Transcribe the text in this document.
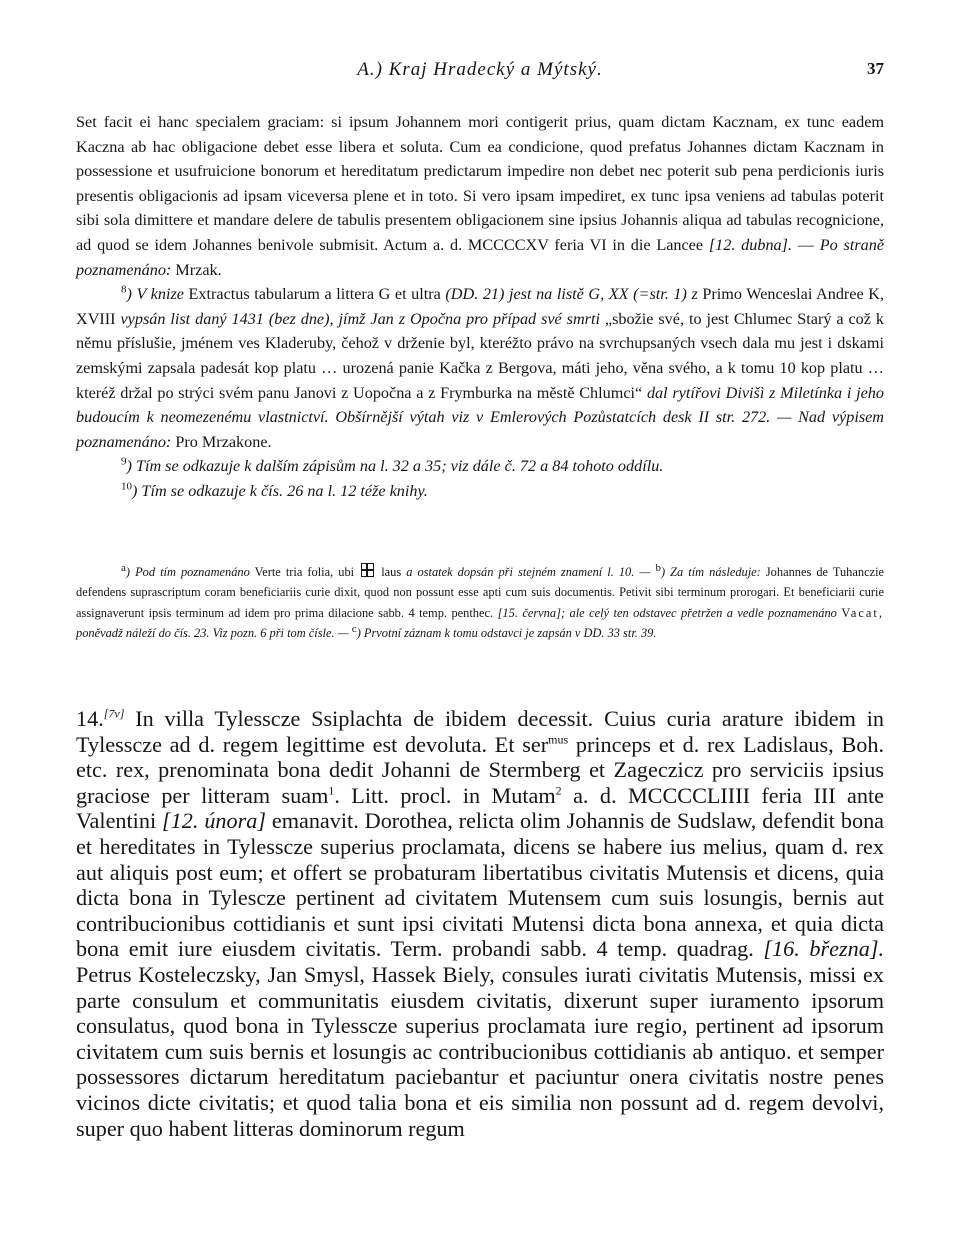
A.) Kraj Hradecký a Mýtský.	37

Set facit ei hanc specialem graciam: si ipsum Johannem mori contigerit prius, quam dictam Kacznam, ex tunc eadem Kaczna ab hac obligacione debet esse libera et soluta. Cum ea condicione, quod prefatus Johannes dictam Kacznam in possessione et usufruicione bonorum et hereditatum predictarum impedire non debet nec poterit sub pena perdicionis iuris presentis obligacionis ad ipsam viceversa plene et in toto. Si vero ipsam impediret, ex tunc ipsa veniens ad tabulas poterit sibi sola dimittere et mandare delere de tabulis presentem obligacionem sine ipsius Johannis aliqua ad tabulas recognicione, ad quod se idem Johannes benivole submisit. Actum a. d. MCCCCXV feria VI in die Lancee [12. dubna]. — Po straně poznamenáno: Mrzak.

$^8$) V knize Extractus tabularum a littera G et ultra (DD. 21) jest na listě G, XX (=str. 1) z Primo Wenceslai Andree K, XVIII vypsán list daný 1431 (bez dne), jímž Jan z Opočna pro případ své smrti „sbožie své, to jest Chlumec Starý a což k němu příslušie, jménem ves Kladeruby, čehož v drženie byl, kteréžto právo na svrchupsaných vsech dala mu jest i dskami zemskými zapsala padesát kop platu … urozená panie Kačka z Bergova, máti jeho, věna svého, a k tomu 10 kop platu … kteréž držal po strýci svém panu Janovi z Uopočna a z Frymburka na městě Chlumci“ dal rytířovi Divišì z Miletínka i jeho budoucím k neomezenému vlastnictví. Obšírnější výtah viz v Emlerových Pozůstatcích desk II str. 272. — Nad výpisem poznamenáno: Pro Mrzakone.

$^9$) Tím se odkazuje k dalším zápisům na l. 32 a 35; viz dále č. 72 a 84 tohoto oddílu.

$^{10}$) Tím se odkazuje k čís. 26 na l. 12 téže knihy.

a) Pod tím poznamenáno Verte tria folia, ubi  laus a ostatek dopsán při stejném znamení l. 10. — b) Za tím následuje: Johannes de Tuhanczie defendens suprascriptum coram beneficiariis curie dixit, quod non possunt esse apti cum suis documentis. Petivit sibi terminum prorogari. Et beneficiarii curie assignaverunt ipsis terminum ad idem pro prima dilacione sabb. 4 temp. penthec. [15. června]; ale celý ten odstavec přetržen a vedle poznamenáno Vacat, poněvadž náleží do čís. 23. Viz pozn. 6 při tom čísle. — c) Prvotní záznam k tomu odstavci je zapsán v DD. 33 str. 39.

14.[7v] In villa Tylesscze Ssiplachta de ibidem decessit. Cuius curia arature ibidem in Tylesscze ad d. regem legittime est devoluta. Et ser$^{mus}$ princeps et d. rex Ladislaus, Boh. etc. rex, prenominata bona dedit Johanni de Stermberg et Zageczicz pro serviciis ipsius graciose per litteram suam$^1$. Litt. procl. in Mutam$^2$ a. d. MCCCCLIIII feria III ante Valentini [12. února] emanavit. Dorothea, relicta olim Johannis de Sudslaw, defendit bona et hereditates in Tylesscze superius proclamata, dicens se habere ius melius, quam d. rex aut aliquis post eum; et offert se probaturam libertatibus civitatis Mutensis et dicens, quia dicta bona in Tylescze pertinent ad civitatem Mutensem cum suis losungis, bernis aut contribucionibus cottidianis et sunt ipsi civitati Mutensi dicta bona annexa, et quia dicta bona emit iure eiusdem civitatis. Term. probandi sabb. 4 temp. quadrag. [16. března]. Petrus Kosteleczsky, Jan Smysl, Hassek Biely, consules iurati civitatis Mutensis, missi ex parte consulum et communitatis eiusdem civitatis, dixerunt super iuramento ipsorum consulatus, quod bona in Tylesscze superius proclamata iure regio, pertinent ad ipsorum civitatem cum suis bernis et losungis ac contribucionibus cottidianis ab antiquo. et semper possessores dictarum hereditatum paciebantur et paciuntur onera civitatis nostre penes vicinos dicte civitatis; et quod talia bona et eis similia non possunt ad d. regem devolvi, super quo habent litteras dominorum regum
